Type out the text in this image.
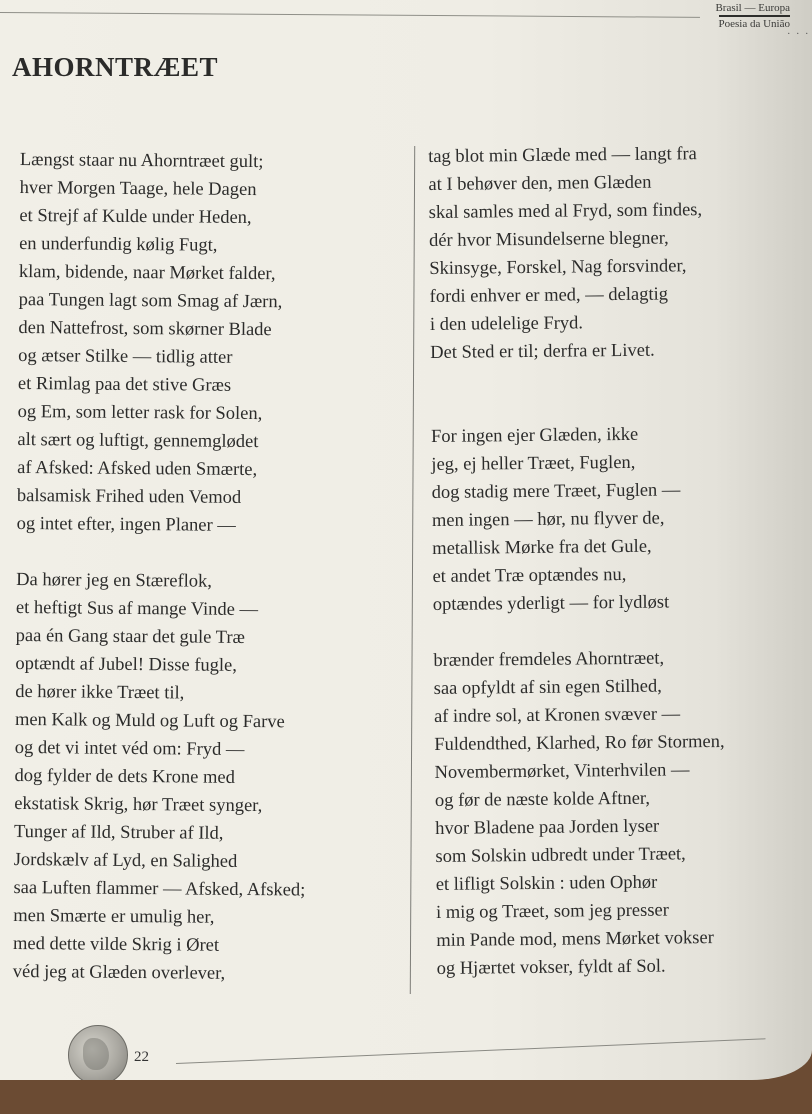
Brasil — Europa
Poesia da União
. . .
AHORNTRÆET
Længst staar nu Ahorntræet gult;
hver Morgen Taage, hele Dagen
et Strejf af Kulde under Heden,
en underfundig kølig Fugt,
klam, bidende, naar Mørket falder,
paa Tungen lagt som Smag af Jærn,
den Nattefrost, som skørner Blade
og ætser Stilke — tidlig atter
et Rimlag paa det stive Græs
og Em, som letter rask for Solen,
alt sært og luftigt, gennemglødet
af Afsked: Afsked uden Smærte,
balsamisk Frihed uden Vemod
og intet efter, ingen Planer —
Da hører jeg en Stæreflok,
et heftigt Sus af mange Vinde —
paa én Gang staar det gule Træ
optændt af Jubel! Disse fugle,
de hører ikke Træet til,
men Kalk og Muld og Luft og Farve
og det vi intet véd om: Fryd —
dog fylder de dets Krone med
ekstatisk Skrig, hør Træet synger,
Tunger af Ild, Struber af Ild,
Jordskælv af Lyd, en Salighed
saa Luften flammer — Afsked, Afsked;
men Smærte er umulig her,
med dette vilde Skrig i Øret
véd jeg at Glæden overlever,
tag blot min Glæde med — langt fra
at I behøver den, men Glæden
skal samles med al Fryd, som findes,
dér hvor Misundelserne blegner,
Skinsyge, Forskel, Nag forsvinder,
fordi enhver er med, — delagtig
i den udelelige Fryd.
Det Sted er til; derfra er Livet.
For ingen ejer Glæden, ikke
jeg, ej heller Træet, Fuglen,
dog stadig mere Træet, Fuglen —
men ingen — hør, nu flyver de,
metallisk Mørke fra det Gule,
et andet Træ optændes nu,
optændes yderligt — for lydløst
brænder fremdeles Ahorntræet,
saa opfyldt af sin egen Stilhed,
af indre sol, at Kronen svæver —
Fuldendthed, Klarhed, Ro før Stormen,
Novembermørket, Vinterhvilen —
og før de næste kolde Aftner,
hvor Bladene paa Jorden lyser
som Solskin udbredt under Træet,
et lifligt Solskin : uden Ophør
i mig og Træet, som jeg presser
min Pande mod, mens Mørket vokser
og Hjærtet vokser, fyldt af Sol.
22
